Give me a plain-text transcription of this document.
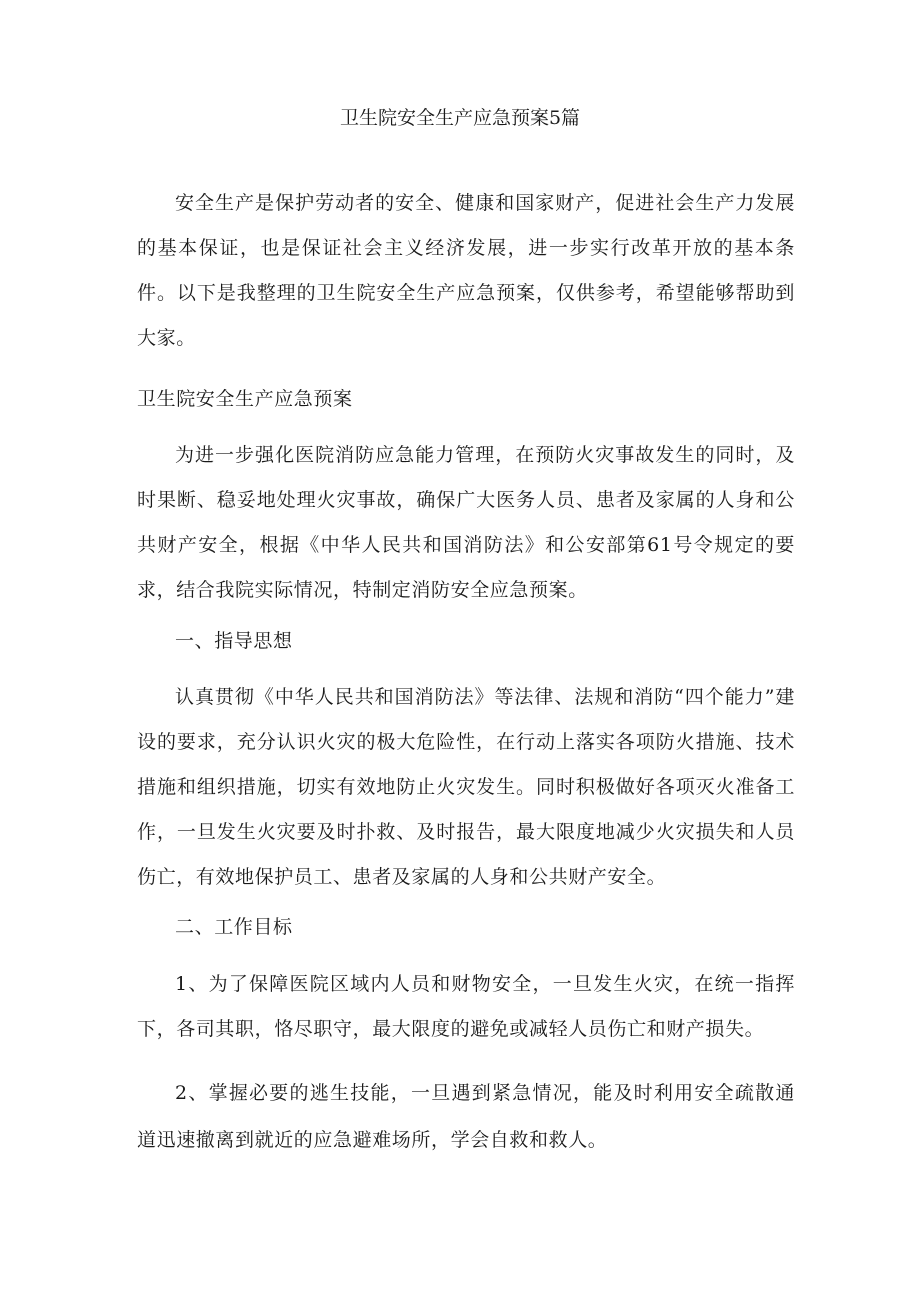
卫生院安全生产应急预案5篇

安全生产是保护劳动者的安全、健康和国家财产，促进社会生产力发展的基本保证，也是保证社会主义经济发展，进一步实行改革开放的基本条件。以下是我整理的卫生院安全生产应急预案，仅供参考，希望能够帮助到大家。

卫生院安全生产应急预案

为进一步强化医院消防应急能力管理，在预防火灾事故发生的同时，及时果断、稳妥地处理火灾事故，确保广大医务人员、患者及家属的人身和公共财产安全，根据《中华人民共和国消防法》和公安部第61号令规定的要求，结合我院实际情况，特制定消防安全应急预案。

一、指导思想

认真贯彻《中华人民共和国消防法》等法律、法规和消防“四个能力”建设的要求，充分认识火灾的极大危险性，在行动上落实各项防火措施、技术措施和组织措施，切实有效地防止火灾发生。同时积极做好各项灭火准备工作，一旦发生火灾要及时扑救、及时报告，最大限度地减少火灾损失和人员伤亡，有效地保护员工、患者及家属的人身和公共财产安全。

二、工作目标

1、为了保障医院区域内人员和财物安全，一旦发生火灾，在统一指挥下，各司其职，恪尽职守，最大限度的避免或减轻人员伤亡和财产损失。

2、掌握必要的逃生技能，一旦遇到紧急情况，能及时利用安全疏散通道迅速撤离到就近的应急避难场所，学会自救和救人。
